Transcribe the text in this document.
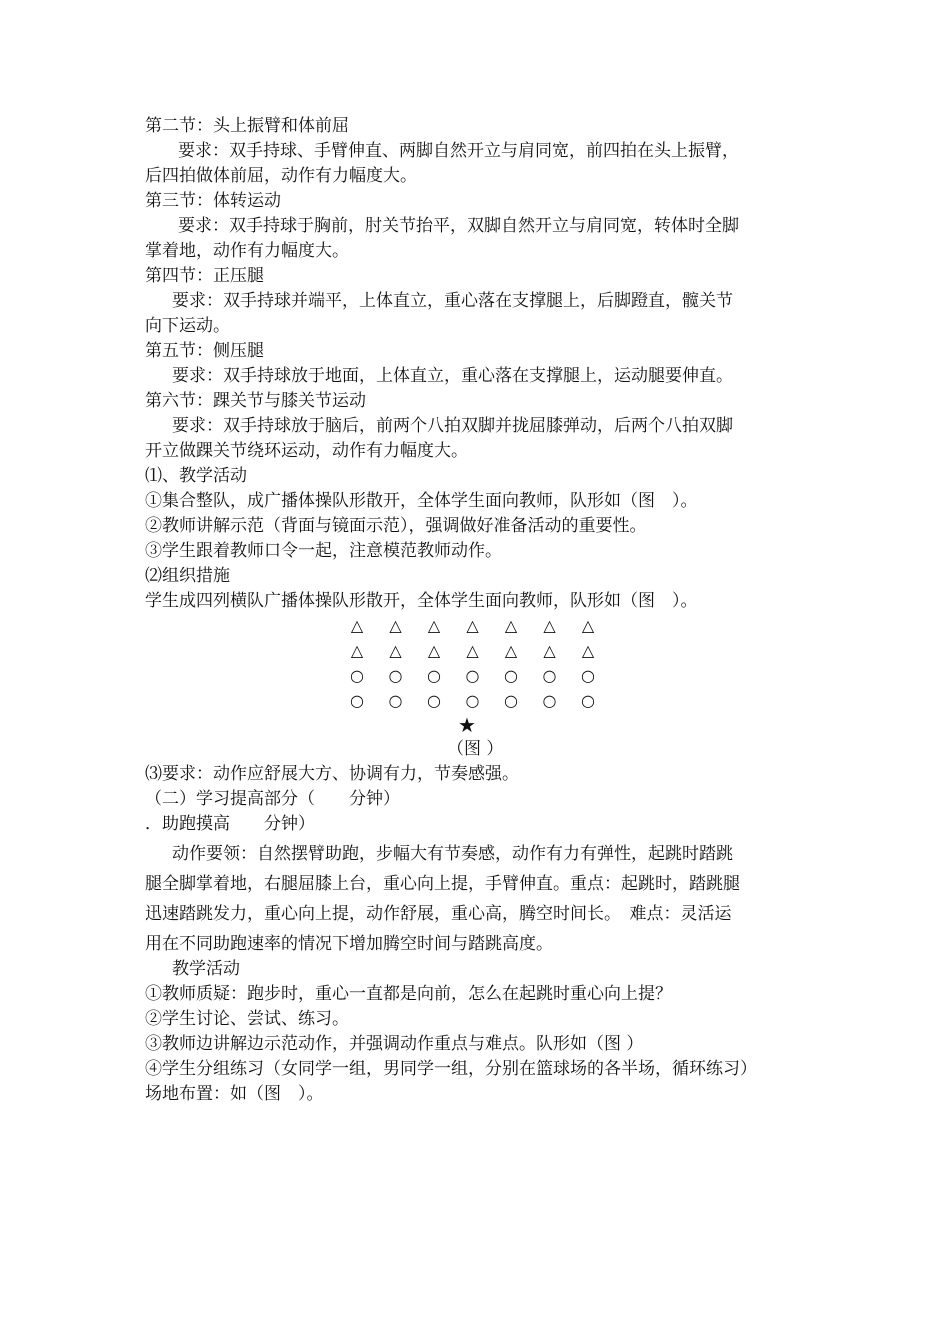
第二节：头上振臂和体前屈
要求：双手持球、手臂伸直、两脚自然开立与肩同宽，前四拍在头上振臂，
后四拍做体前屈，动作有力幅度大。
第三节：体转运动
要求：双手持球于胸前，肘关节抬平，双脚自然开立与肩同宽，转体时全脚
掌着地，动作有力幅度大。
第四节：正压腿
要求：双手持球并端平，上体直立，重心落在支撑腿上，后脚蹬直，髋关节
向下运动。
第五节：侧压腿
要求：双手持球放于地面，上体直立，重心落在支撑腿上，运动腿要伸直。
第六节：踝关节与膝关节运动
要求：双手持球放于脑后，前两个八拍双脚并拢屈膝弹动，后两个八拍双脚
开立做踝关节绕环运动，动作有力幅度大。
⑴、教学活动
①集合整队，成广播体操队形散开，全体学生面向教师，队形如（图　）。
②教师讲解示范（背面与镜面示范），强调做好准备活动的重要性。
③学生跟着教师口令一起，注意模范教师动作。
⑵组织措施
学生成四列横队广播体操队形散开，全体学生面向教师，队形如（图　）。
△	△	△	△	△	△	△
△	△	△	△	△	△	△
○	○	○	○	○	○	○
○	○	○	○	○	○	○
★
（图 ）
⑶要求：动作应舒展大方、协调有力，节奏感强。
（二）学习提高部分（　　分钟）
．助跑摸高　　分钟）
动作要领：自然摆臂助跑，步幅大有节奏感，动作有力有弹性，起跳时踏跳
腿全脚掌着地，右腿屈膝上台，重心向上提，手臂伸直。重点：起跳时，踏跳腿
迅速踏跳发力，重心向上提，动作舒展，重心高，腾空时间长。　难点：灵活运
用在不同助跑速率的情况下增加腾空时间与踏跳高度。
教学活动
①教师质疑：跑步时，重心一直都是向前，怎么在起跳时重心向上提？
②学生讨论、尝试、练习。
③教师边讲解边示范动作，并强调动作重点与难点。队形如（图 ）
④学生分组练习（女同学一组，男同学一组，分别在篮球场的各半场，循环练习）
场地布置：如（图　）。
